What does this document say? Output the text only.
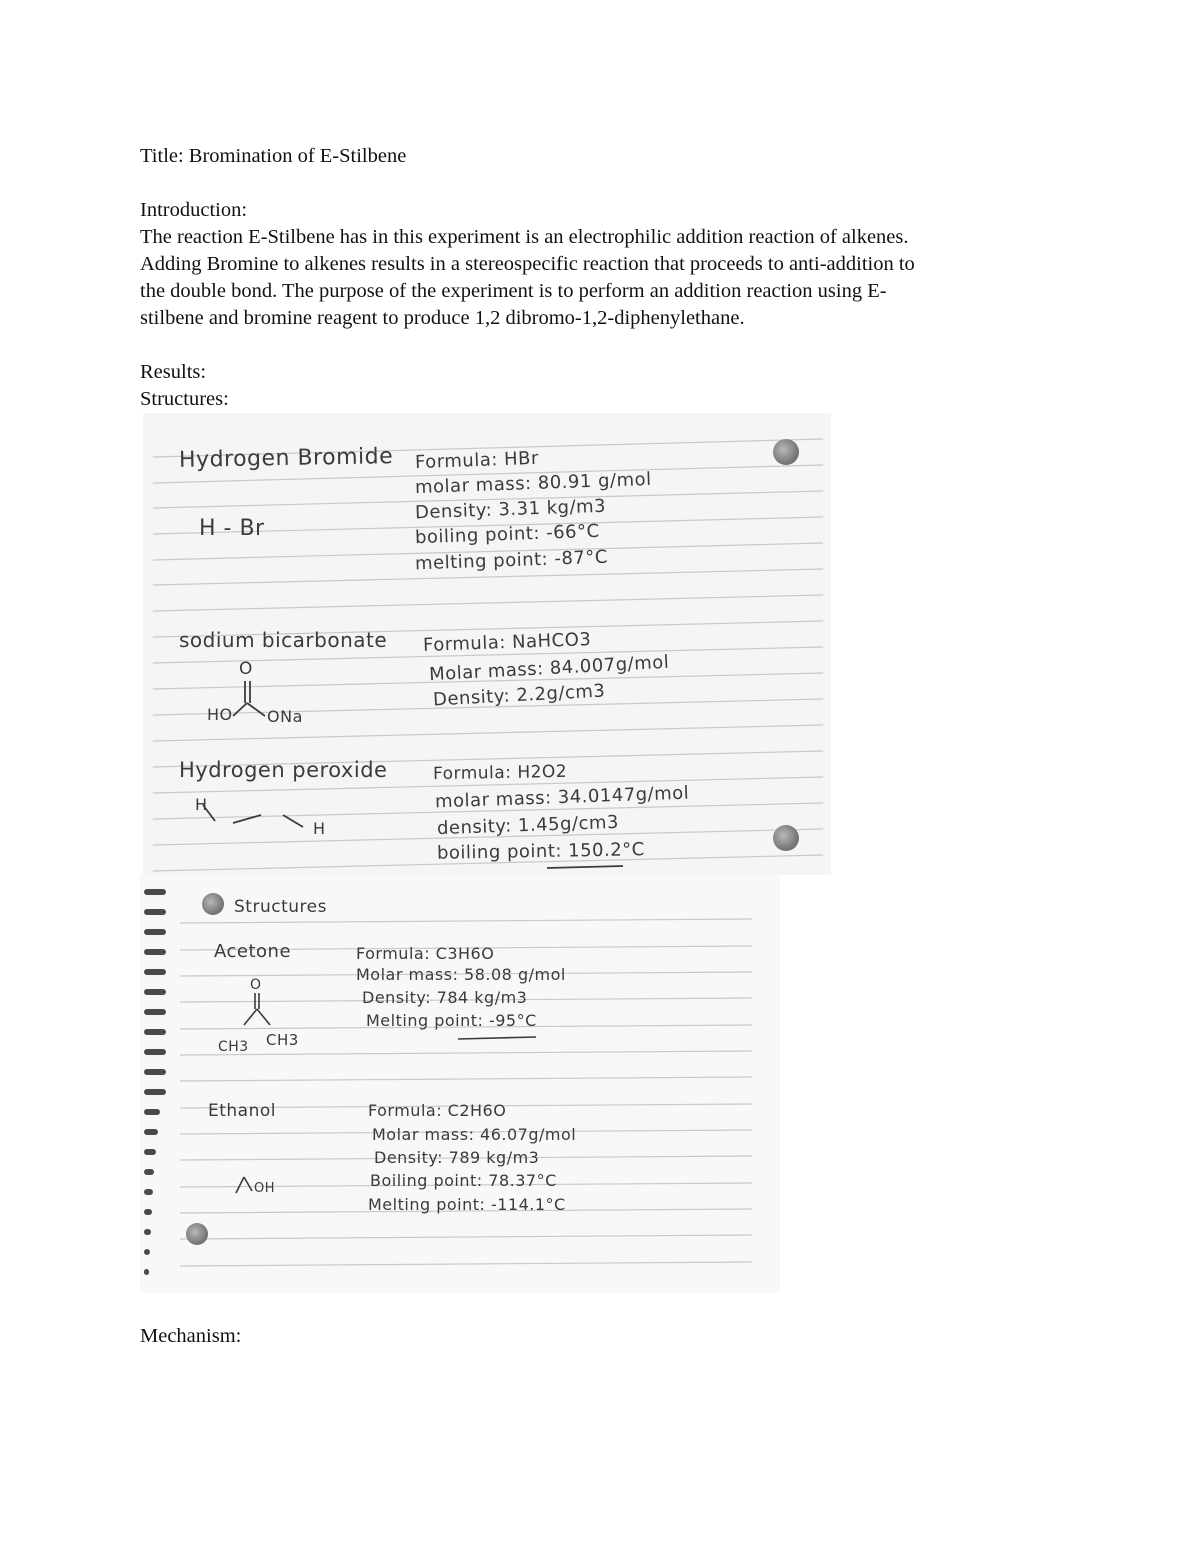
Title: Bromination of E-Stilbene

Introduction:

The reaction E-Stilbene has in this experiment is an electrophilic addition reaction of alkenes.
Adding Bromine to alkenes results in a stereospecific reaction that proceeds to anti-addition to
the double bond. The purpose of the experiment is to perform an addition reaction using E-
stilbene and bromine reagent to produce 1,2 dibromo-1,2-diphenylethane.

Results:

Structures:

Hydrogen Bromide
H - Br
Formula: HBr
molar mass: 80.91 g/mol
Density: 3.31 kg/m3
boiling point: -66°C
melting point: -87°C
sodium bicarbonate
O
HO ONa
Formula: NaHCO3
Molar mass: 84.007g/mol
Density: 2.2g/cm3
Hydrogen peroxide
H
H
Formula: H2O2
molar mass: 34.0147g/mol
density: 1.45g/cm3
boiling point: 150.2°C
Structures
Acetone
O
CH3 CH3
Formula: C3H6O
Molar mass: 58.08 g/mol
Density: 784 kg/m3
Melting point: -95°C
Ethanol
OH
Formula: C2H6O
Molar mass: 46.07g/mol
Density: 789 kg/m3
Boiling point: 78.37°C
Melting point: -114.1°C

Mechanism:
